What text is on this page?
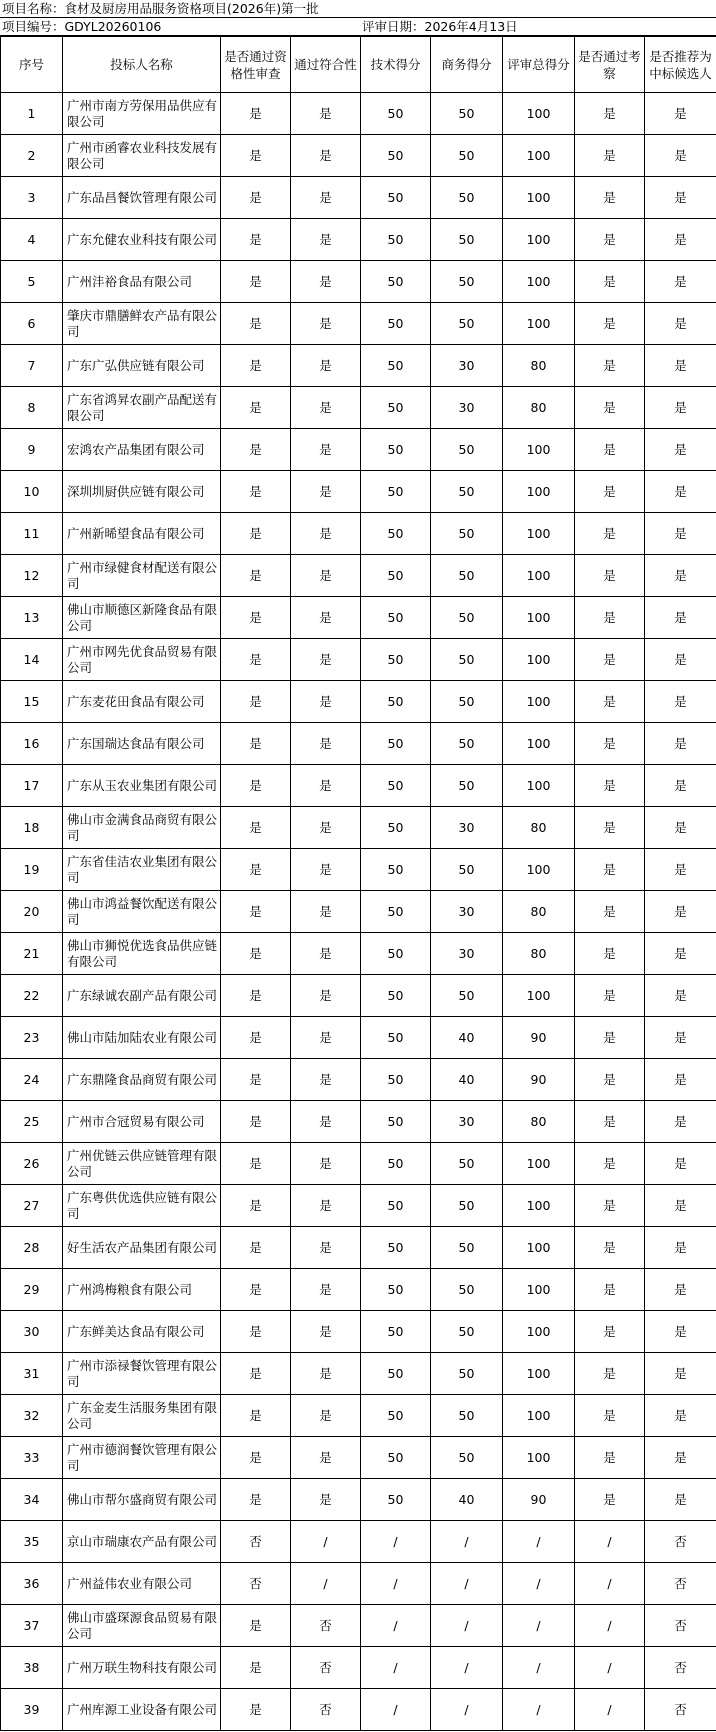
项目名称：食材及厨房用品服务资格项目(2026年)第一批
项目编号：GDYL20260106	评审日期：2026年4月13日
序号	投标人名称	是否通过资格性审查	通过符合性	技术得分	商务得分	评审总得分	是否通过考察	是否推荐为中标候选人
1	广州市南方劳保用品供应有限公司	是	是	50	50	100	是	是
2	广州市函睿农业科技发展有限公司	是	是	50	50	100	是	是
3	广东品昌餐饮管理有限公司	是	是	50	50	100	是	是
4	广东允健农业科技有限公司	是	是	50	50	100	是	是
5	广州沣裕食品有限公司	是	是	50	50	100	是	是
6	肇庆市鼎膳鲜农产品有限公司	是	是	50	50	100	是	是
7	广东广弘供应链有限公司	是	是	50	30	80	是	是
8	广东省鸿昇农副产品配送有限公司	是	是	50	30	80	是	是
9	宏鸿农产品集团有限公司	是	是	50	50	100	是	是
10	深圳圳厨供应链有限公司	是	是	50	50	100	是	是
11	广州新晞望食品有限公司	是	是	50	50	100	是	是
12	广州市绿健食材配送有限公司	是	是	50	50	100	是	是
13	佛山市顺德区新隆食品有限公司	是	是	50	50	100	是	是
14	广州市网先优食品贸易有限公司	是	是	50	50	100	是	是
15	广东麦花田食品有限公司	是	是	50	50	100	是	是
16	广东国瑞达食品有限公司	是	是	50	50	100	是	是
17	广东从玉农业集团有限公司	是	是	50	50	100	是	是
18	佛山市金满食品商贸有限公司	是	是	50	30	80	是	是
19	广东省佳洁农业集团有限公司	是	是	50	50	100	是	是
20	佛山市鸿益餐饮配送有限公司	是	是	50	30	80	是	是
21	佛山市狮悦优选食品供应链有限公司	是	是	50	30	80	是	是
22	广东绿诚农副产品有限公司	是	是	50	50	100	是	是
23	佛山市陆加陆农业有限公司	是	是	50	40	90	是	是
24	广东鼎隆食品商贸有限公司	是	是	50	40	90	是	是
25	广州市合冠贸易有限公司	是	是	50	30	80	是	是
26	广州优链云供应链管理有限公司	是	是	50	50	100	是	是
27	广东粤供优选供应链有限公司	是	是	50	50	100	是	是
28	好生活农产品集团有限公司	是	是	50	50	100	是	是
29	广州鸿梅粮食有限公司	是	是	50	50	100	是	是
30	广东鲜美达食品有限公司	是	是	50	50	100	是	是
31	广州市添禄餐饮管理有限公司	是	是	50	50	100	是	是
32	广东金麦生活服务集团有限公司	是	是	50	50	100	是	是
33	广州市德润餐饮管理有限公司	是	是	50	50	100	是	是
34	佛山市帮尔盛商贸有限公司	是	是	50	40	90	是	是
35	京山市瑞康农产品有限公司	否	/	/	/	/	/	否
36	广州益伟农业有限公司	否	/	/	/	/	/	否
37	佛山市盛琛源食品贸易有限公司	是	否	/	/	/	/	否
38	广州万联生物科技有限公司	是	否	/	/	/	/	否
39	广州库源工业设备有限公司	是	否	/	/	/	/	否
